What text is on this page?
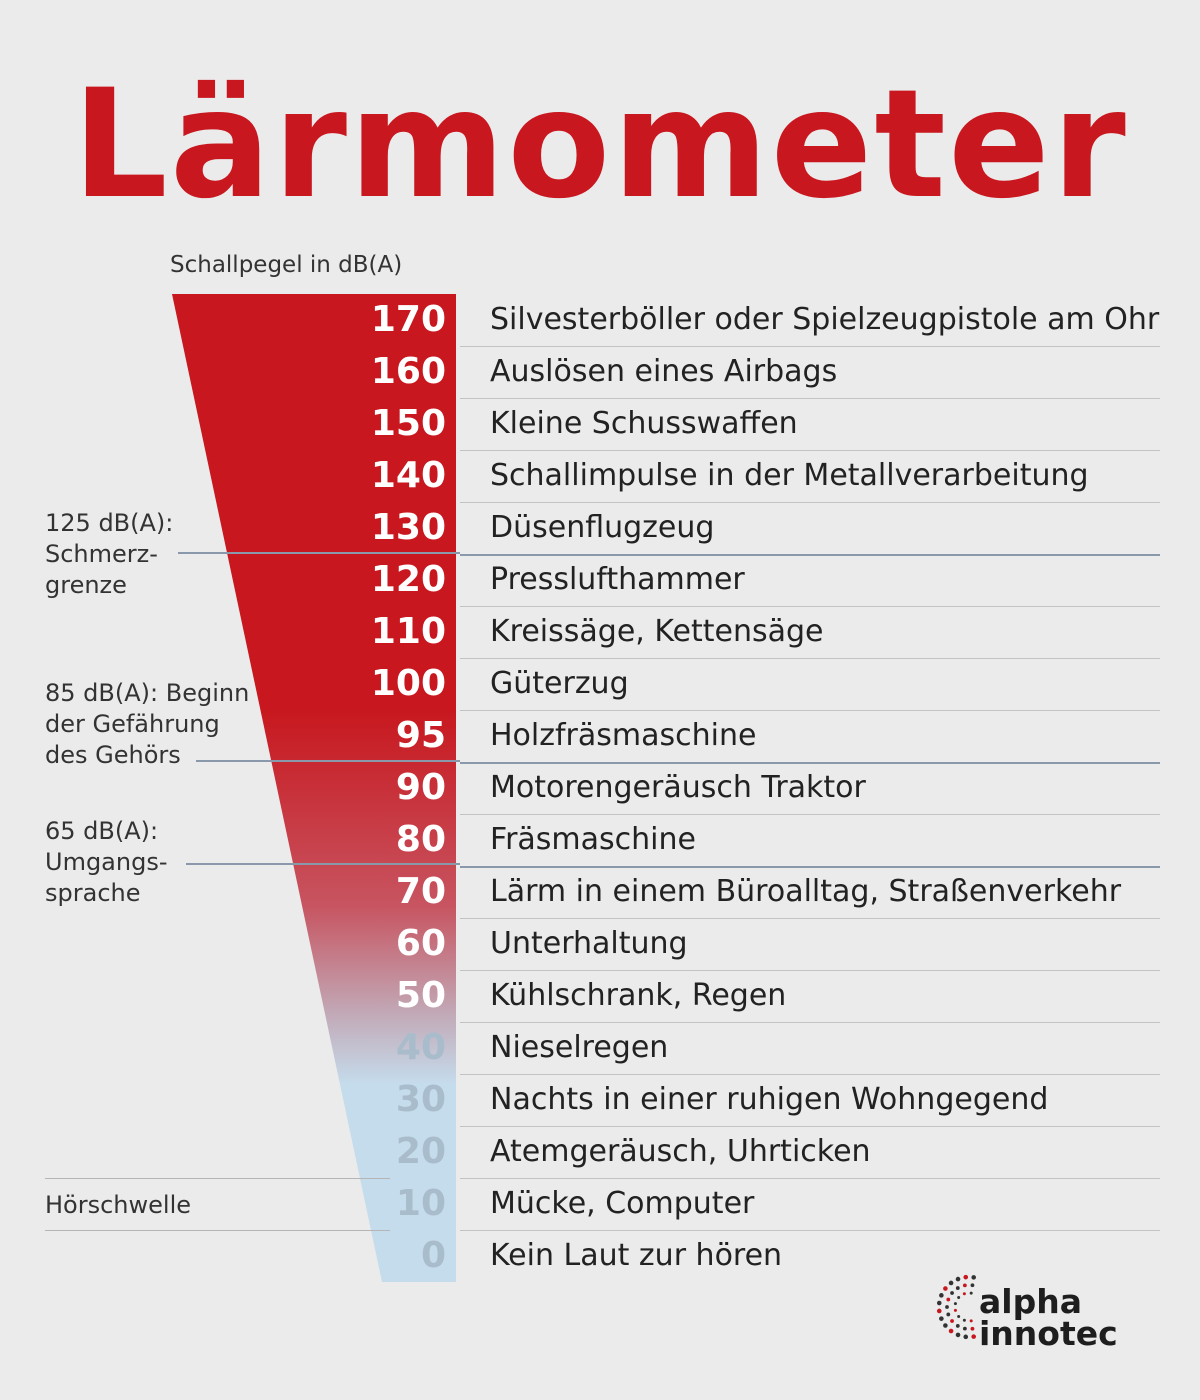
Lärmometer
Schallpegel in dB(A)
170
160
150
140
130
120
110
100
95
90
80
70
60
50
40
30
20
10
0
Silvesterböller oder Spielzeugpistole am Ohr
Auslösen eines Airbags
Kleine Schusswaffen
Schallimpulse in der Metallverarbeitung
Düsenflugzeug
Presslufthammer
Kreissäge, Kettensäge
Güterzug
Holzfräsmaschine
Motorengeräusch Traktor
Fräsmaschine
Lärm in einem Büroalltag, Straßenverkehr
Unterhaltung
Kühlschrank, Regen
Nieselregen
Nachts in einer ruhigen Wohngegend
Atemgeräusch, Uhrticken
Mücke, Computer
Kein Laut zur hören
125 dB(A):
Schmerz-
grenze
85 dB(A): Beginn
der Gefährung
des Gehörs
65 dB(A):
Umgangs-
sprache
Hörschwelle
alpha
innotec
